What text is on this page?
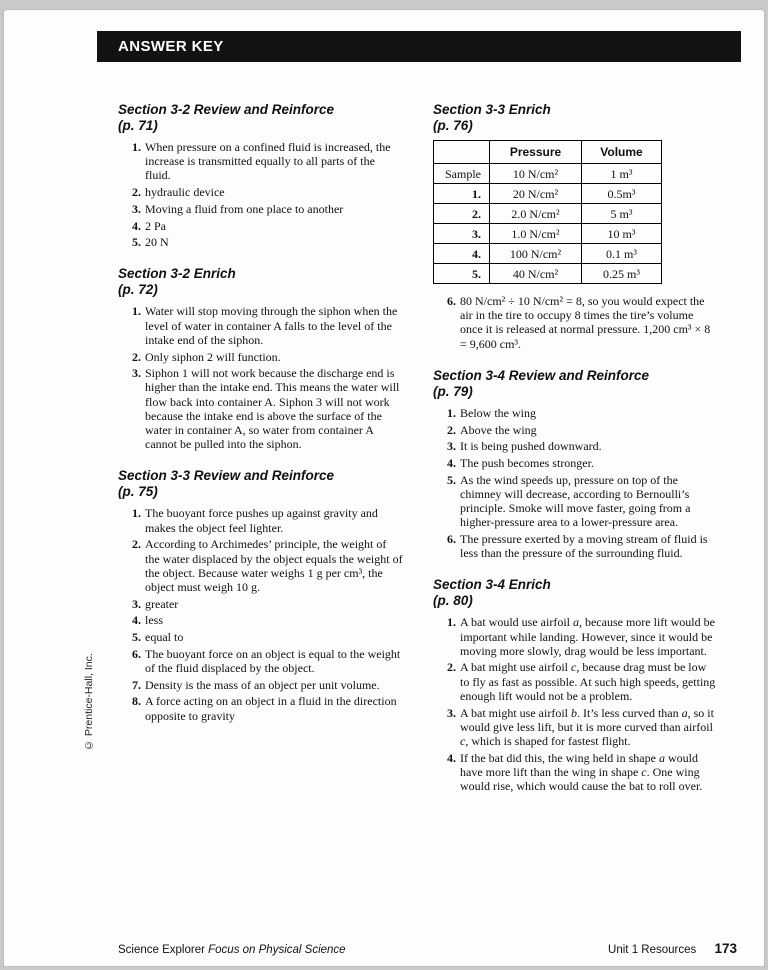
ANSWER KEY
© Prentice-Hall, Inc.
Section 3-2 Review and Reinforce
(p. 71)
1. When pressure on a confined fluid is increased, the increase is transmitted equally to all parts of the fluid.
2. hydraulic device
3. Moving a fluid from one place to another
4. 2 Pa
5. 20 N
Section 3-2 Enrich
(p. 72)
1. Water will stop moving through the siphon when the level of water in container A falls to the level of the intake end of the siphon.
2. Only siphon 2 will function.
3. Siphon 1 will not work because the discharge end is higher than the intake end. This means the water will flow back into container A. Siphon 3 will not work because the intake end is above the surface of the water in container A, so water from container A cannot be pulled into the siphon.
Section 3-3 Review and Reinforce
(p. 75)
1. The buoyant force pushes up against gravity and makes the object feel lighter.
2. According to Archimedes’ principle, the weight of the water displaced by the object equals the weight of the object. Because water weighs 1 g per cm³, the object must weigh 10 g.
3. greater
4. less
5. equal to
6. The buoyant force on an object is equal to the weight of the fluid displaced by the object.
7. Density is the mass of an object per unit volume.
8. A force acting on an object in a fluid in the direction opposite to gravity
Section 3-3 Enrich
(p. 76)
	Pressure	Volume
Sample	10 N/cm²	1 m³
1.	20 N/cm²	0.5m³
2.	2.0 N/cm²	5 m³
3.	1.0 N/cm²	10 m³
4.	100 N/cm²	0.1 m³
5.	40 N/cm²	0.25 m³
6. 80 N/cm² ÷ 10 N/cm² = 8, so you would expect the air in the tire to occupy 8 times the tire’s volume once it is released at normal pressure. 1,200 cm³ × 8 = 9,600 cm³.
Section 3-4 Review and Reinforce
(p. 79)
1. Below the wing
2. Above the wing
3. It is being pushed downward.
4. The push becomes stronger.
5. As the wind speeds up, pressure on top of the chimney will decrease, according to Bernoulli’s principle. Smoke will move faster, going from a higher-pressure area to a lower-pressure area.
6. The pressure exerted by a moving stream of fluid is less than the pressure of the surrounding fluid.
Section 3-4 Enrich
(p. 80)
1. A bat would use airfoil a, because more lift would be important while landing. However, since it would be moving more slowly, drag would be less important.
2. A bat might use airfoil c, because drag must be low to fly as fast as possible. At such high speeds, getting enough lift would not be a problem.
3. A bat might use airfoil b. It’s less curved than a, so it would give less lift, but it is more curved than airfoil c, which is shaped for fastest flight.
4. If the bat did this, the wing held in shape a would have more lift than the wing in shape c. One wing would rise, which would cause the bat to roll over.
Science Explorer Focus on Physical Science	Unit 1 Resources 173
